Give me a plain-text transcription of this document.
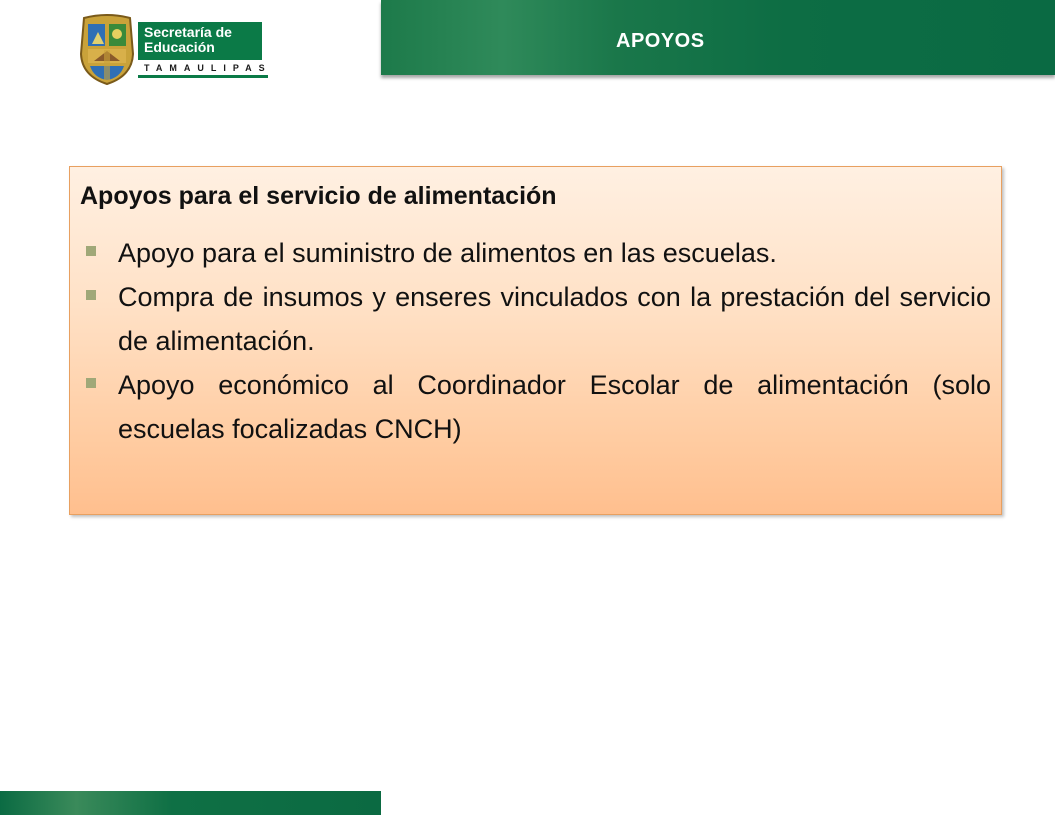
Secretaría de
Educación
TAMAULIPAS
APOYOS
Apoyos para el servicio de alimentación
Apoyo para el suministro de alimentos en las escuelas.
Compra de insumos y enseres vinculados con la prestación del servicio de alimentación.
Apoyo económico al Coordinador Escolar de alimentación (solo escuelas focalizadas CNCH)
